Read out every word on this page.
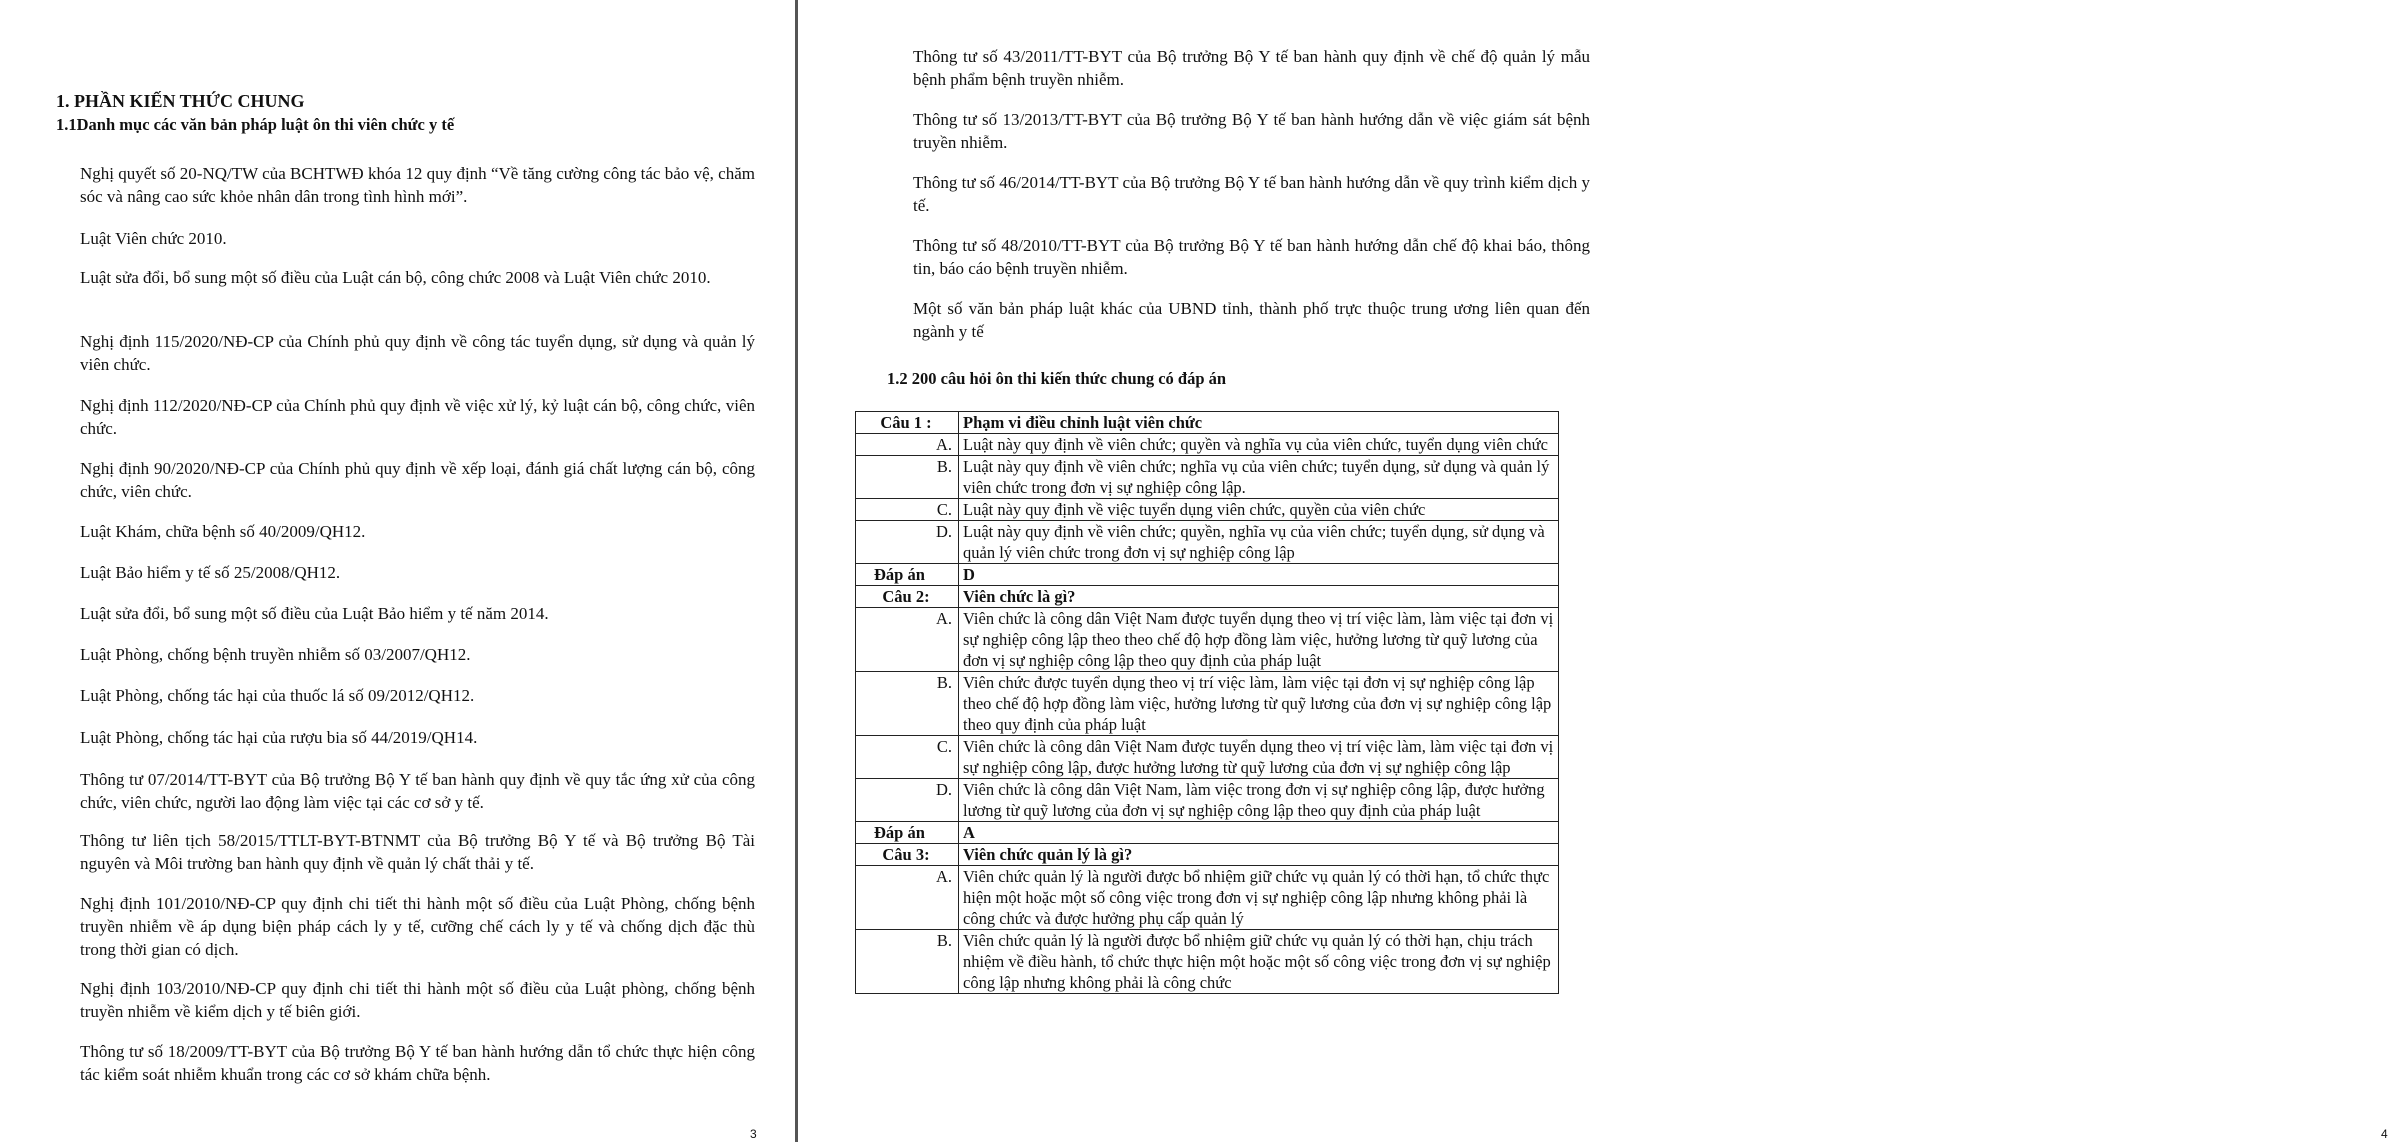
1. PHẦN KIẾN THỨC CHUNG

1.1Danh mục các văn bản pháp luật ôn thi viên chức y tế

Nghị quyết số 20-NQ/TW của BCHTWĐ khóa 12 quy định “Về tăng cường công tác bảo vệ, chăm sóc và nâng cao sức khỏe nhân dân trong tình hình mới”.

Luật Viên chức 2010.

Luật sửa đổi, bổ sung một số điều của Luật cán bộ, công chức 2008 và Luật Viên chức 2010.

Nghị định 115/2020/NĐ-CP của Chính phủ quy định về công tác tuyển dụng, sử dụng và quản lý viên chức.

Nghị định 112/2020/NĐ-CP của Chính phủ quy định về việc xử lý, kỷ luật cán bộ, công chức, viên chức.

Nghị định 90/2020/NĐ-CP của Chính phủ quy định về xếp loại, đánh giá chất lượng cán bộ, công chức, viên chức.

Luật Khám, chữa bệnh số 40/2009/QH12.

Luật Bảo hiểm y tế số 25/2008/QH12.

Luật sửa đổi, bổ sung một số điều của Luật Bảo hiểm y tế năm 2014.

Luật Phòng, chống bệnh truyền nhiễm số 03/2007/QH12.

Luật Phòng, chống tác hại của thuốc lá số 09/2012/QH12.

Luật Phòng, chống tác hại của rượu bia số 44/2019/QH14.

Thông tư 07/2014/TT-BYT của Bộ trưởng Bộ Y tế ban hành quy định về quy tắc ứng xử của công chức, viên chức, người lao động làm việc tại các cơ sở y tế.

Thông tư liên tịch 58/2015/TTLT-BYT-BTNMT của Bộ trưởng Bộ Y tế và Bộ trưởng Bộ Tài nguyên và Môi trường ban hành quy định về quản lý chất thải y tế.

Nghị định 101/2010/NĐ-CP quy định chi tiết thi hành một số điều của Luật Phòng, chống bệnh truyền nhiễm về áp dụng biện pháp cách ly y tế, cưỡng chế cách ly y tế và chống dịch đặc thù trong thời gian có dịch.

Nghị định 103/2010/NĐ-CP quy định chi tiết thi hành một số điều của Luật phòng, chống bệnh truyền nhiễm về kiểm dịch y tế biên giới.

Thông tư số 18/2009/TT-BYT của Bộ trưởng Bộ Y tế ban hành hướng dẫn tổ chức thực hiện công tác kiểm soát nhiễm khuẩn trong các cơ sở khám chữa bệnh.

3	4

Thông tư số 43/2011/TT-BYT của Bộ trưởng Bộ Y tế ban hành quy định về chế độ quản lý mẫu bệnh phẩm bệnh truyền nhiễm.

Thông tư số 13/2013/TT-BYT của Bộ trưởng Bộ Y tế ban hành hướng dẫn về việc giám sát bệnh truyền nhiễm.

Thông tư số 46/2014/TT-BYT của Bộ trưởng Bộ Y tế ban hành hướng dẫn về quy trình kiểm dịch y tế.

Thông tư số 48/2010/TT-BYT của Bộ trưởng Bộ Y tế ban hành hướng dẫn chế độ khai báo, thông tin, báo cáo bệnh truyền nhiễm.

Một số văn bản pháp luật khác của UBND tỉnh, thành phố trực thuộc trung ương liên quan đến ngành y tế

1.2 200 câu hỏi ôn thi kiến thức chung có đáp án

Câu 1 :	Phạm vi điều chỉnh luật viên chức
A.	Luật này quy định về viên chức; quyền và nghĩa vụ của viên chức, tuyển dụng viên chức
B.	Luật này quy định về viên chức; nghĩa vụ của viên chức; tuyển dụng, sử dụng và quản lý viên chức trong đơn vị sự nghiệp công lập.
C.	Luật này quy định về việc tuyển dụng viên chức, quyền của viên chức
D.	Luật này quy định về viên chức; quyền, nghĩa vụ của viên chức; tuyển dụng, sử dụng và quản lý viên chức trong đơn vị sự nghiệp công lập
Đáp án	D
Câu 2:	Viên chức là gì?
A.	Viên chức là công dân Việt Nam được tuyển dụng theo vị trí việc làm, làm việc tại đơn vị sự nghiệp công lập theo theo chế độ hợp đồng làm việc, hưởng lương từ quỹ lương của đơn vị sự nghiệp công lập theo quy định của pháp luật
B.	Viên chức được tuyển dụng theo vị trí việc làm, làm việc tại đơn vị sự nghiệp công lập theo chế độ hợp đồng làm việc, hưởng lương từ quỹ lương của đơn vị sự nghiệp công lập theo quy định của pháp luật
C.	Viên chức là công dân Việt Nam được tuyển dụng theo vị trí việc làm, làm việc tại đơn vị sự nghiệp công lập, được hưởng lương từ quỹ lương của đơn vị sự nghiệp công lập
D.	Viên chức là công dân Việt Nam, làm việc trong đơn vị sự nghiệp công lập, được hưởng lương từ quỹ lương của đơn vị sự nghiệp công lập theo quy định của pháp luật
Đáp án	A
Câu 3:	Viên chức quản lý là gì?
A.	Viên chức quản lý là người được bổ nhiệm giữ chức vụ quản lý có thời hạn, tổ chức thực hiện một hoặc một số công việc trong đơn vị sự nghiệp công lập nhưng không phải là công chức và được hưởng phụ cấp quản lý
B.	Viên chức quản lý là người được bổ nhiệm giữ chức vụ quản lý có thời hạn, chịu trách nhiệm về điều hành, tổ chức thực hiện một hoặc một số công việc trong đơn vị sự nghiệp công lập nhưng không phải là công chức
